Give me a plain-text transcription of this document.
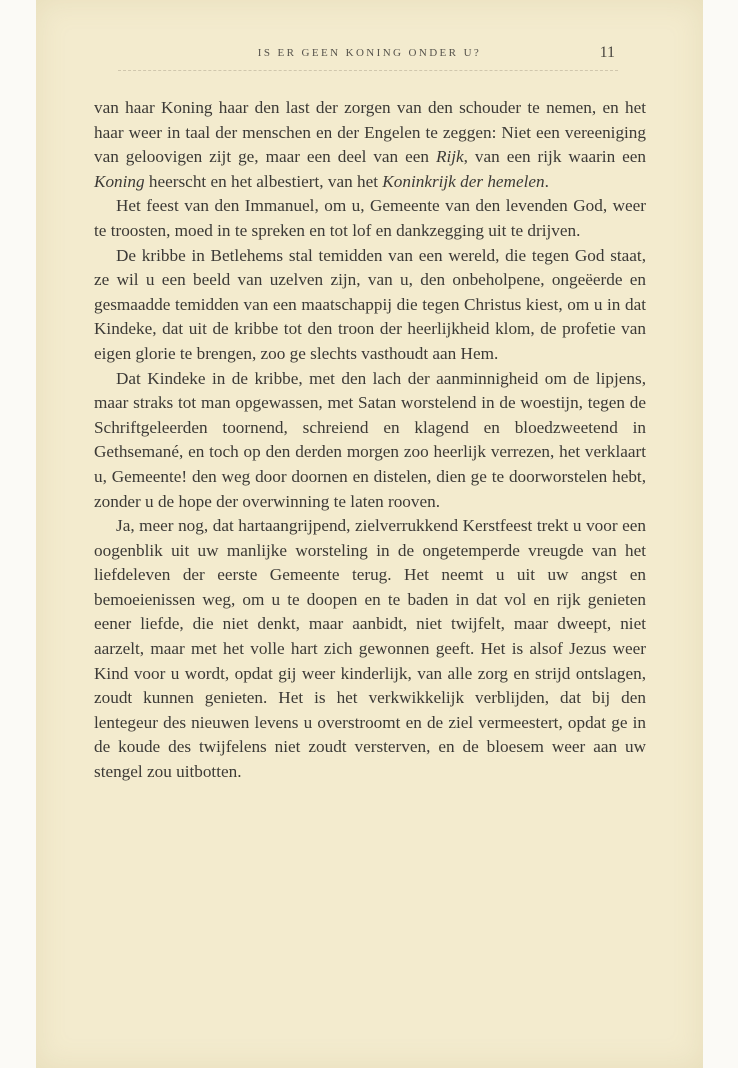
IS ER GEEN KONING ONDER U?	11

van haar Koning haar den last der zorgen van den schouder te nemen, en het haar weer in taal der menschen en der Engelen te zeggen: Niet een vereeniging van geloovigen zijt ge, maar een deel van een Rijk, van een rijk waarin een Koning heerscht en het albestiert, van het Koninkrijk der hemelen.

Het feest van den Immanuel, om u, Gemeente van den levenden God, weer te troosten, moed in te spreken en tot lof en dankzegging uit te drijven.

De kribbe in Betlehems stal temidden van een wereld, die tegen God staat, ze wil u een beeld van uzelven zijn, van u, den onbeholpene, ongeëerde en gesmaadde temidden van een maatschappij die tegen Christus kiest, om u in dat Kindeke, dat uit de kribbe tot den troon der heerlijkheid klom, de profetie van eigen glorie te brengen, zoo ge slechts vasthoudt aan Hem.

Dat Kindeke in de kribbe, met den lach der aanminnigheid om de lipjens, maar straks tot man opgewassen, met Satan worstelend in de woestijn, tegen de Schriftgeleerden toornend, schreiend en klagend en bloedzweetend in Gethsemané, en toch op den derden morgen zoo heerlijk verrezen, het verklaart u, Gemeente! den weg door doornen en distelen, dien ge te doorworstelen hebt, zonder u de hope der overwinning te laten rooven.

Ja, meer nog, dat hartaangrijpend, zielverrukkend Kerstfeest trekt u voor een oogenblik uit uw manlijke worsteling in de ongetemperde vreugde van het liefdeleven der eerste Gemeente terug. Het neemt u uit uw angst en bemoeienissen weg, om u te doopen en te baden in dat vol en rijk genieten eener liefde, die niet denkt, maar aanbidt, niet twijfelt, maar dweept, niet aarzelt, maar met het volle hart zich gewonnen geeft. Het is alsof Jezus weer Kind voor u wordt, opdat gij weer kinderlijk, van alle zorg en strijd ontslagen, zoudt kunnen genieten. Het is het verkwikkelijk verblijden, dat bij den lentegeur des nieuwen levens u overstroomt en de ziel vermeestert, opdat ge in de koude des twijfelens niet zoudt versterven, en de bloesem weer aan uw stengel zou uitbotten.
